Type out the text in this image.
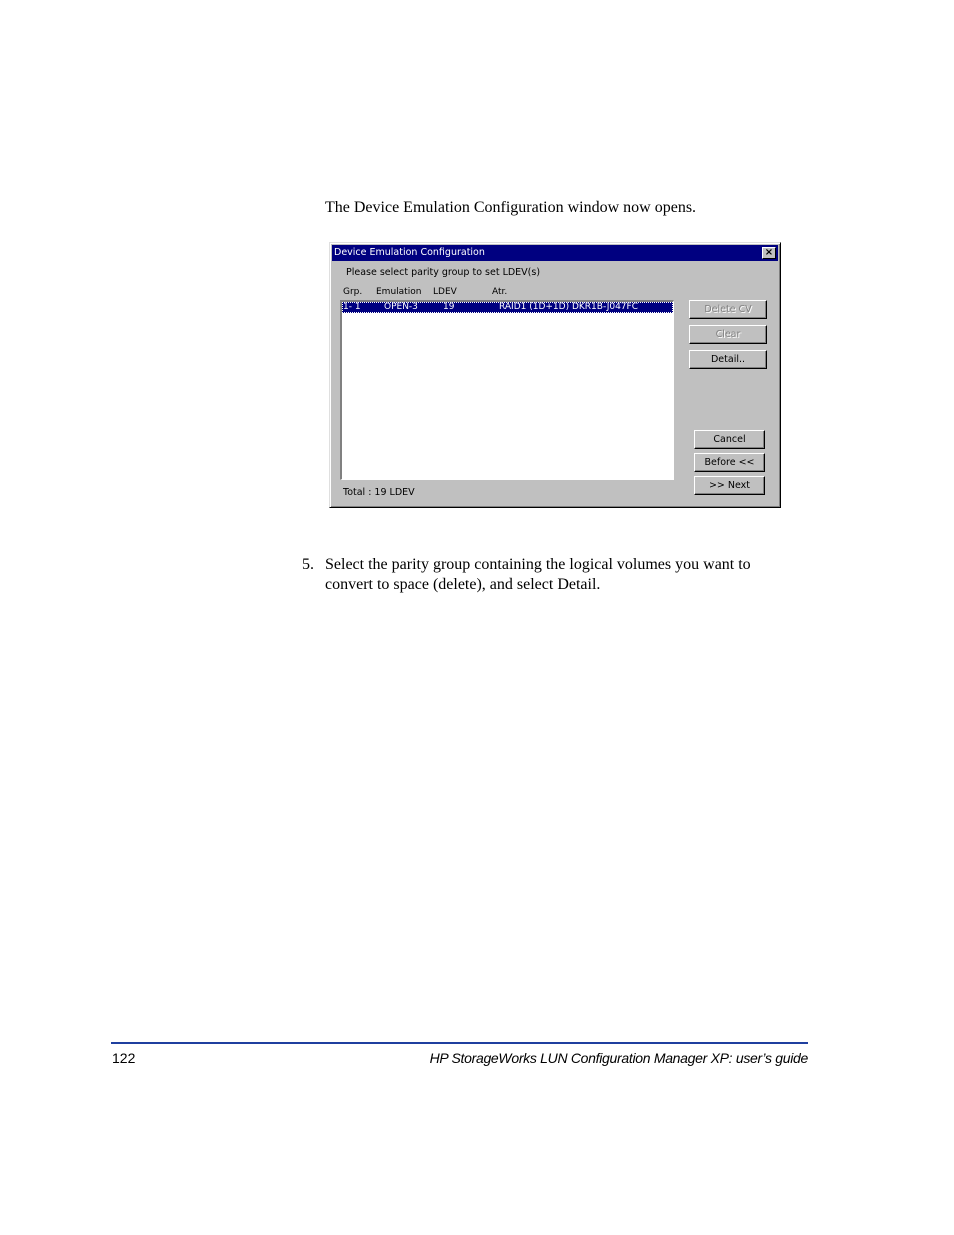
The Device Emulation Configuration window now opens.
Device Emulation Configuration	×
Please select parity group to set LDEV(s)
Grp. Emulation LDEV	Atr.
1- 1	OPEN-3	19	RAID1 (1D+1D) DKR1B-J047FC	Delete CV
Clear
Detail..
Cancel
Before <<
>> Next
Total : 19 LDEV
5. Select the parity group containing the logical volumes you want to convert to space (delete), and select Detail.
122	HP StorageWorks LUN Configuration Manager XP: user’s guide
